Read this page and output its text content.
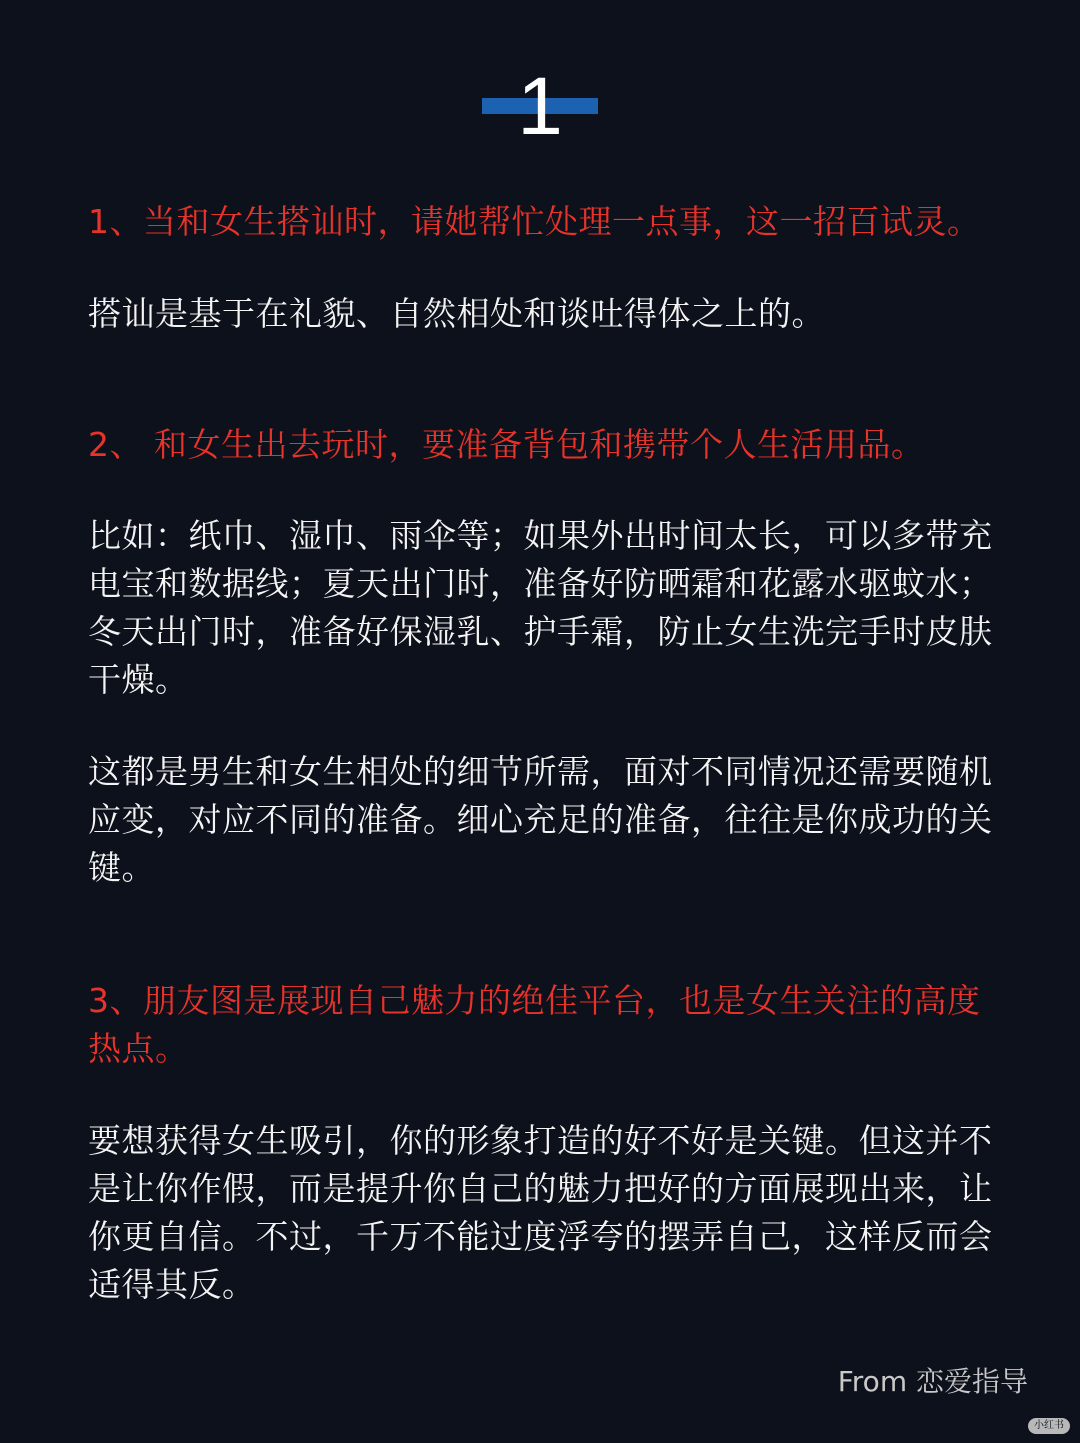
1
1、当和女生搭讪时，请她帮忙处理一点事，这一招百试灵。
搭讪是基于在礼貌、自然相处和谈吐得体之上的。
2、 和女生出去玩时，要准备背包和携带个人生活用品。
比如：纸巾、湿巾、雨伞等；如果外出时间太长，可以多带充电宝和数据线；夏天出门时，准备好防晒霜和花露水驱蚊水；冬天出门时，准备好保湿乳、护手霜，防止女生洗完手时皮肤干燥。
这都是男生和女生相处的细节所需，面对不同情况还需要随机应变，对应不同的准备。细心充足的准备，往往是你成功的关键。
3、朋友图是展现自己魅力的绝佳平台，也是女生关注的高度热点。
要想获得女生吸引，你的形象打造的好不好是关键。但这并不是让你作假，而是提升你自己的魅力把好的方面展现出来，让你更自信。不过，千万不能过度浮夸的摆弄自己，这样反而会适得其反。
From 恋爱指导
小红书
